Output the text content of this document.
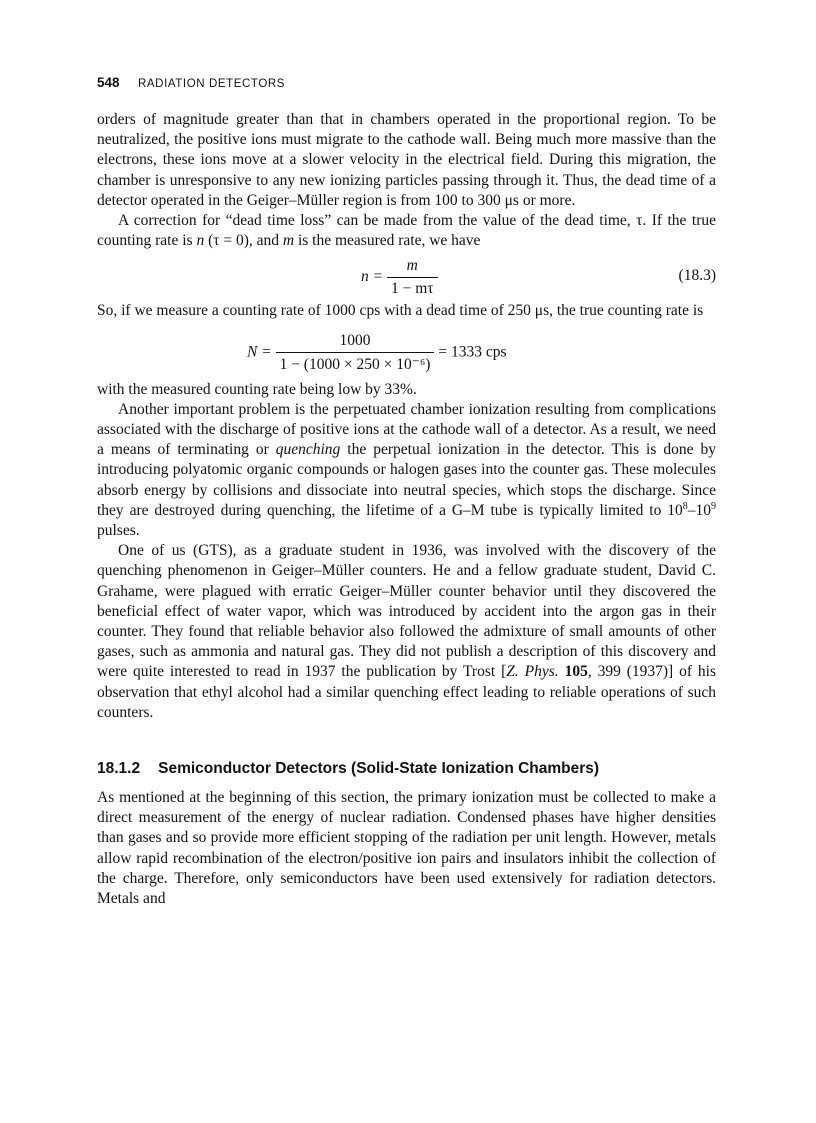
548 RADIATION DETECTORS

orders of magnitude greater than that in chambers operated in the proportional region. To be neutralized, the positive ions must migrate to the cathode wall. Being much more massive than the electrons, these ions move at a slower velocity in the electrical field. During this migration, the chamber is unresponsive to any new ionizing particles passing through it. Thus, the dead time of a detector operated in the Geiger–Müller region is from 100 to 300 μs or more.

A correction for “dead time loss” can be made from the value of the dead time, τ. If the true counting rate is n (τ = 0), and m is the measured rate, we have

$n = \frac{m}{1 - m\tau}$	(18.3)

So, if we measure a counting rate of 1000 cps with a dead time of 250 μs, the true counting rate is

$N = \frac{1000}{\text{1 − (1000 × 250 × 10⁻⁶)}} = 1333$ cps

with the measured counting rate being low by 33%.

Another important problem is the perpetuated chamber ionization resulting from complications associated with the discharge of positive ions at the cathode wall of a detector. As a result, we need a means of terminating or quenching the perpetual ionization in the detector. This is done by introducing polyatomic organic compounds or halogen gases into the counter gas. These molecules absorb energy by collisions and dissociate into neutral species, which stops the discharge. Since they are destroyed during quenching, the lifetime of a G–M tube is typically limited to $10^8-10^9$ pulses.

One of us (GTS), as a graduate student in 1936, was involved with the discovery of the quenching phenomenon in Geiger–Müller counters. He and a fellow graduate student, David C. Grahame, were plagued with erratic Geiger–Müller counter behavior until they discovered the beneficial effect of water vapor, which was introduced by accident into the argon gas in their counter. They found that reliable behavior also followed the admixture of small amounts of other gases, such as ammonia and natural gas. They did not publish a description of this discovery and were quite interested to read in 1937 the publication by Trost [Z. Phys. 105, 399 (1937)] of his observation that ethyl alcohol had a similar quenching effect leading to reliable operations of such counters.

18.1.2 Semiconductor Detectors (Solid-State Ionization Chambers)

As mentioned at the beginning of this section, the primary ionization must be collected to make a direct measurement of the energy of nuclear radiation. Condensed phases have higher densities than gases and so provide more efficient stopping of the radiation per unit length. However, metals allow rapid recombination of the electron/positive ion pairs and insulators inhibit the collection of the charge. Therefore, only semiconductors have been used extensively for radiation detectors. Metals and
